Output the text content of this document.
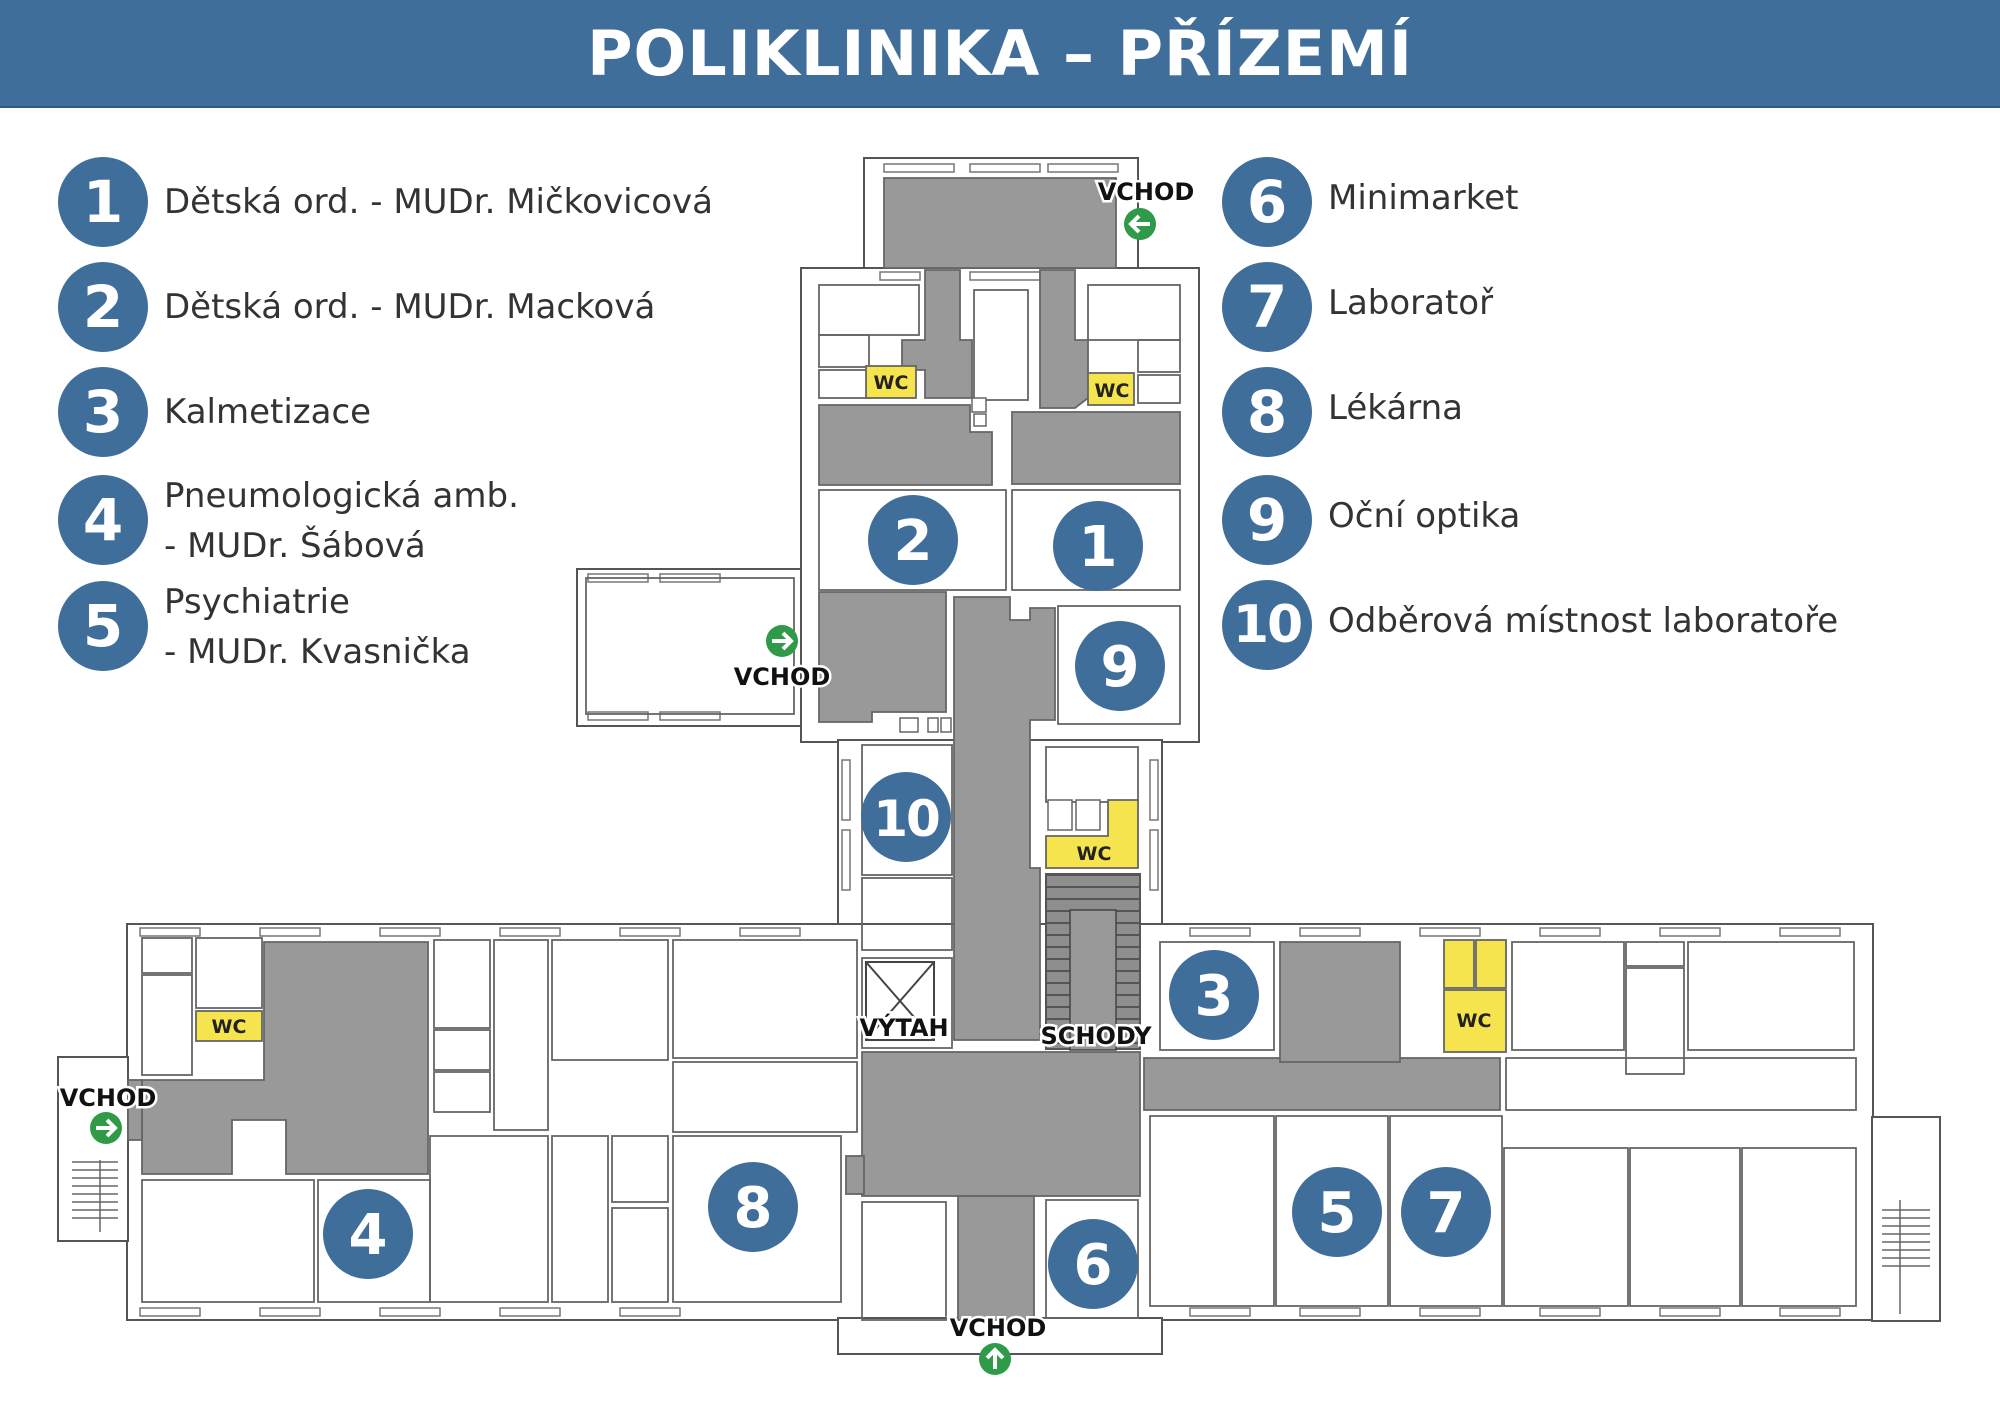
POLIKLINIKA – PŘÍZEMÍ
1	Dětská ord. - MUDr. Mičkovicová
2	Dětská ord. - MUDr. Macková
3	Kalmetizace
4	Pneumologická amb.
- MUDr. Šábová
5	Psychiatrie
- MUDr. Kvasnička
6	Minimarket
7	Laboratoř
8	Lékárna
9	Oční optika
10 Odběrová místnost laboratoře
WC	WC
WC
WC	WC
1
2
3
4	5
6
7
8
9
10
VCHOD
VCHOD
VCHOD
VCHOD
VÝTAH	SCHODY
